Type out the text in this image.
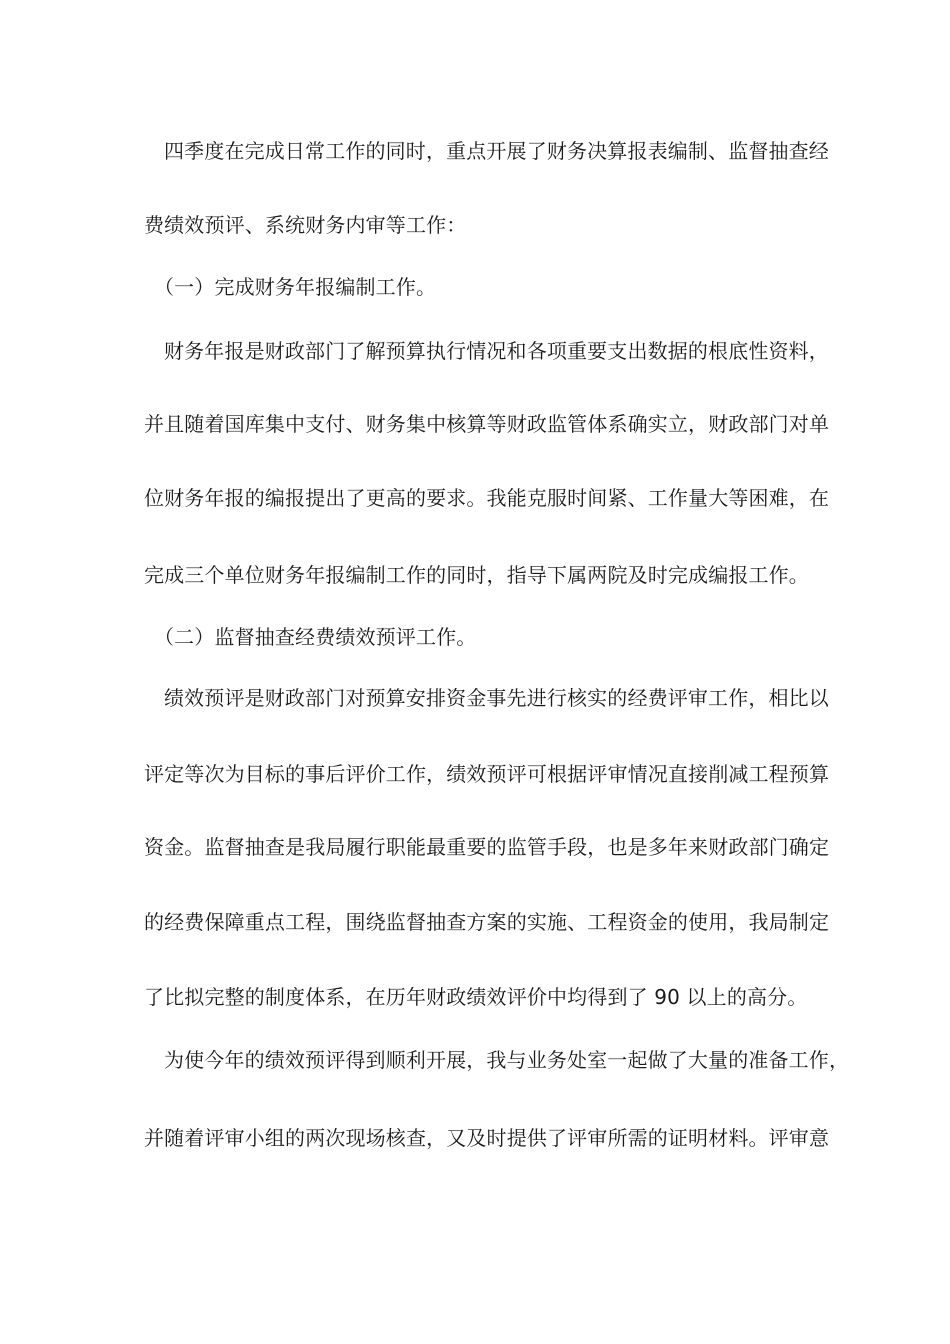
四季度在完成日常工作的同时，重点开展了财务决算报表编制、监督抽查经
费绩效预评、系统财务内审等工作：
（一）完成财务年报编制工作。
财务年报是财政部门了解预算执行情况和各项重要支出数据的根底性资料，
并且随着国库集中支付、财务集中核算等财政监管体系确实立，财政部门对单
位财务年报的编报提出了更高的要求。我能克服时间紧、工作量大等困难，在
完成三个单位财务年报编制工作的同时，指导下属两院及时完成编报工作。
（二）监督抽查经费绩效预评工作。
绩效预评是财政部门对预算安排资金事先进行核实的经费评审工作，相比以
评定等次为目标的事后评价工作，绩效预评可根据评审情况直接削减工程预算
资金。监督抽查是我局履行职能最重要的监管手段，也是多年来财政部门确定
的经费保障重点工程，围绕监督抽查方案的实施、工程资金的使用，我局制定
了比拟完整的制度体系，在历年财政绩效评价中均得到了 90 以上的高分。
为使今年的绩效预评得到顺利开展，我与业务处室一起做了大量的准备工作，
并随着评审小组的两次现场核查，又及时提供了评审所需的证明材料。评审意
